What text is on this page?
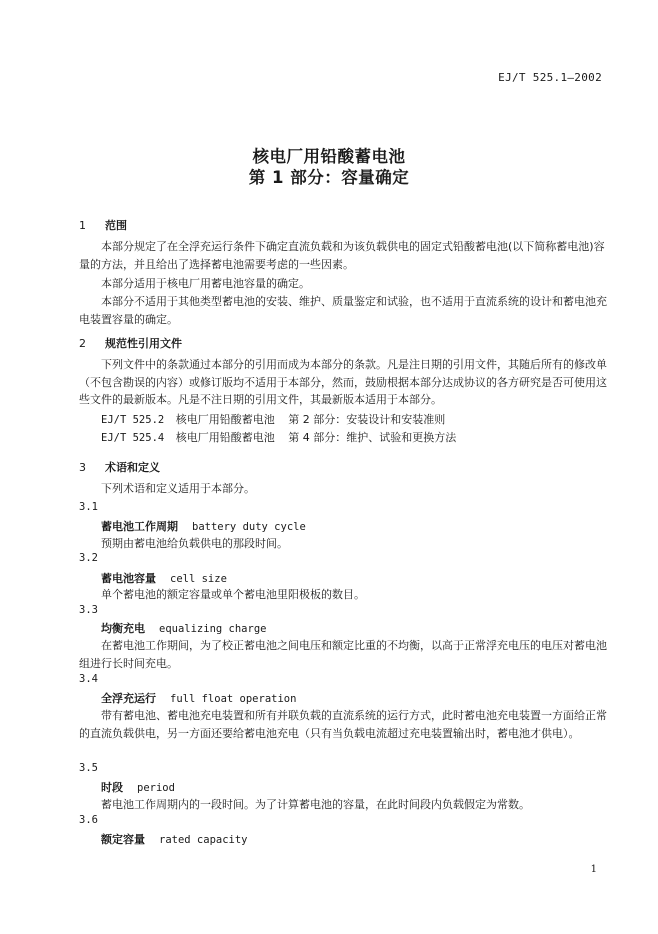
EJ/T 525.1—2002
核电厂用铅酸蓄电池
第 1 部分：容量确定
1 范围
本部分规定了在全浮充运行条件下确定直流负载和为该负载供电的固定式铅酸蓄电池(以下简称蓄电池)容量的方法，并且给出了选择蓄电池需要考虑的一些因素。
本部分适用于核电厂用蓄电池容量的确定。
本部分不适用于其他类型蓄电池的安装、维护、质量鉴定和试验，也不适用于直流系统的设计和蓄电池充电装置容量的确定。
2 规范性引用文件
下列文件中的条款通过本部分的引用而成为本部分的条款。凡是注日期的引用文件，其随后所有的修改单（不包含勘误的内容）或修订版均不适用于本部分，然而，鼓励根据本部分达成协议的各方研究是否可使用这些文件的最新版本。凡是不注日期的引用文件，其最新版本适用于本部分。
EJ/T 525.2 核电厂用铅酸蓄电池 第 2 部分：安装设计和安装准则
EJ/T 525.4 核电厂用铅酸蓄电池 第 4 部分：维护、试验和更换方法
3 术语和定义
下列术语和定义适用于本部分。
3.1
蓄电池工作周期 battery duty cycle
预期由蓄电池给负载供电的那段时间。
3.2
蓄电池容量 cell size
单个蓄电池的额定容量或单个蓄电池里阳极板的数目。
3.3
均衡充电 equalizing charge
在蓄电池工作期间，为了校正蓄电池之间电压和额定比重的不均衡，以高于正常浮充电压的电压对蓄电池组进行长时间充电。
3.4
全浮充运行 full float operation
带有蓄电池、蓄电池充电装置和所有并联负载的直流系统的运行方式，此时蓄电池充电装置一方面给正常的直流负载供电，另一方面还要给蓄电池充电（只有当负载电流超过充电装置输出时，蓄电池才供电）。
3.5
时段 period
蓄电池工作周期内的一段时间。为了计算蓄电池的容量，在此时间段内负载假定为常数。
3.6
额定容量 rated capacity
1
